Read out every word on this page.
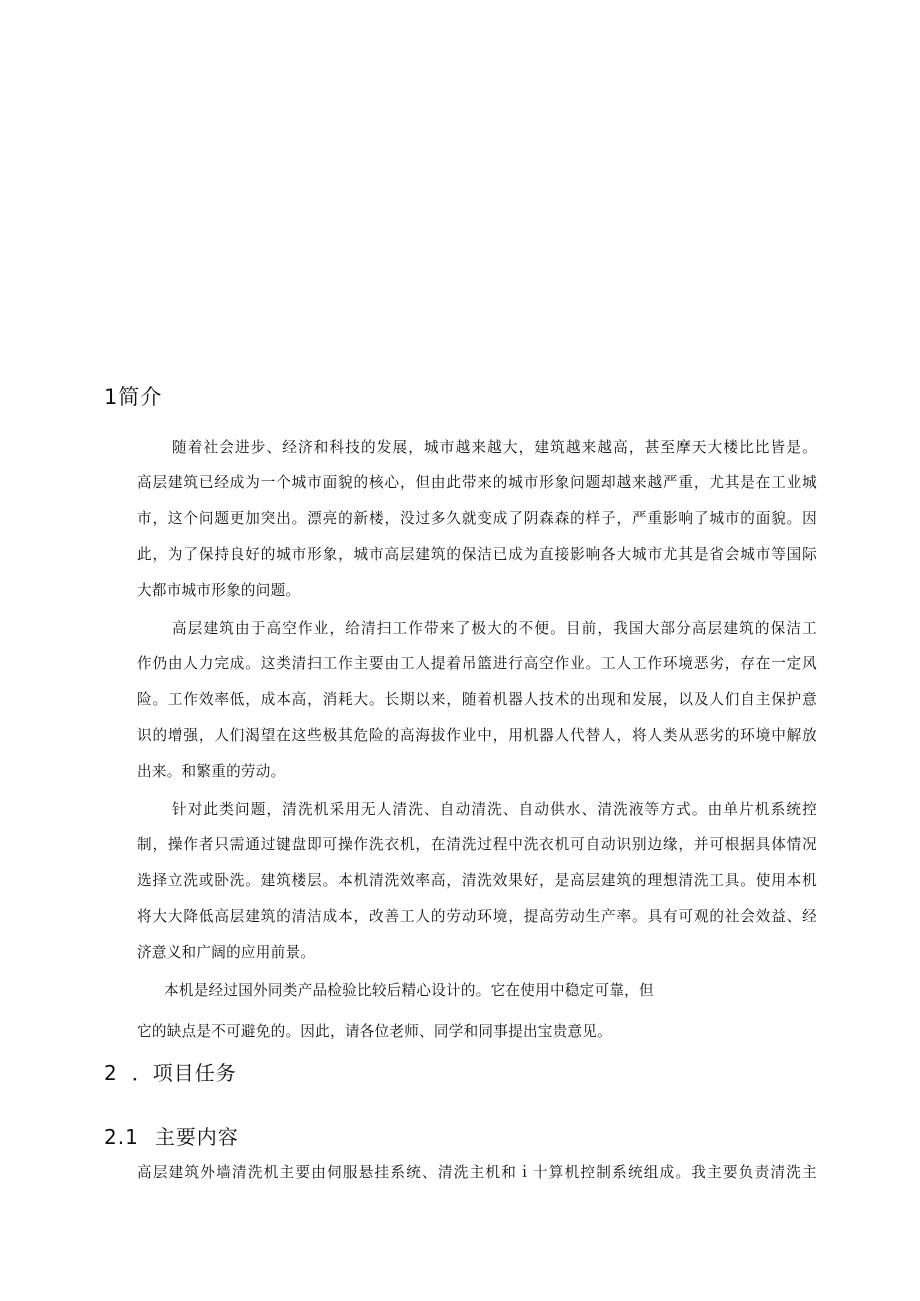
1简介
随着社会进步、经济和科技的发展，城市越来越大，建筑越来越高，甚至摩天大楼比比皆是。
高层建筑已经成为一个城市面貌的核心，但由此带来的城市形象问题却越来越严重，尤其是在工业城
市，这个问题更加突出。漂亮的新楼，没过多久就变成了阴森森的样子，严重影响了城市的面貌。因
此，为了保持良好的城市形象，城市高层建筑的保洁已成为直接影响各大城市尤其是省会城市等国际
大都市城市形象的问题。
高层建筑由于高空作业，给清扫工作带来了极大的不便。目前，我国大部分高层建筑的保洁工
作仍由人力完成。这类清扫工作主要由工人提着吊篮进行高空作业。工人工作环境恶劣，存在一定风
险。工作效率低，成本高，消耗大。长期以来，随着机器人技术的出现和发展，以及人们自主保护意
识的增强，人们渴望在这些极其危险的高海拔作业中，用机器人代替人，将人类从恶劣的环境中解放
出来。和繁重的劳动。
针对此类问题，清洗机采用无人清洗、自动清洗、自动供水、清洗液等方式。由单片机系统控
制，操作者只需通过键盘即可操作洗衣机，在清洗过程中洗衣机可自动识别边缘，并可根据具体情况
选择立洗或卧洗。建筑楼层。本机清洗效率高，清洗效果好，是高层建筑的理想清洗工具。使用本机
将大大降低高层建筑的清洁成本，改善工人的劳动环境，提高劳动生产率。具有可观的社会效益、经
济意义和广阔的应用前景。
本机是经过国外同类产品检验比较后精心设计的。它在使用中稳定可靠，但
它的缺点是不可避免的。因此，请各位老师、同学和同事提出宝贵意见。
2 ．项目任务
2.1 主要内容
高层建筑外墙清洗机主要由伺服悬挂系统、清洗主机和ｉ十算机控制系统组成。我主要负责清洗主
